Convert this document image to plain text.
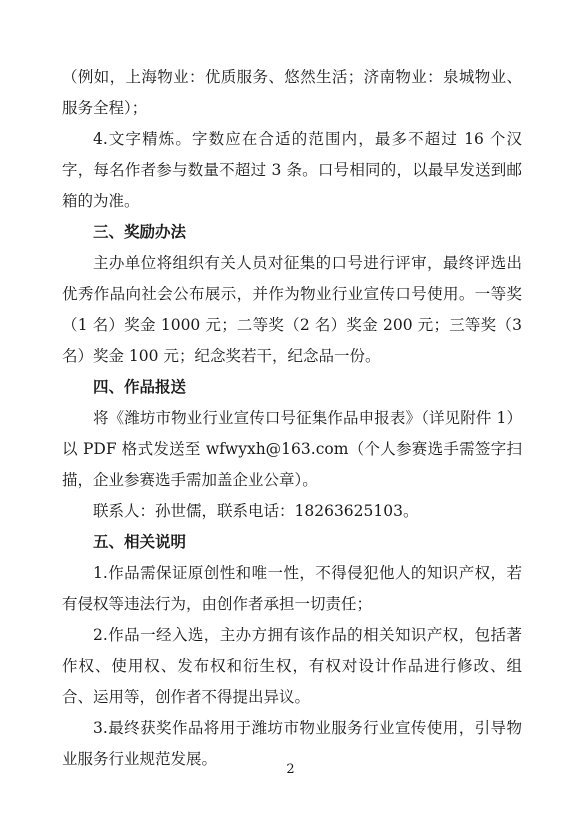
（例如，上海物业：优质服务、悠然生活；济南物业：泉城物业、服务全程）；

4.文字精炼。字数应在合适的范围内，最多不超过 16 个汉字，每名作者参与数量不超过 3 条。口号相同的，以最早发送到邮箱的为准。

三、奖励办法

主办单位将组织有关人员对征集的口号进行评审，最终评选出优秀作品向社会公布展示，并作为物业行业宣传口号使用。一等奖（1 名）奖金 1000 元；二等奖（2 名）奖金 200 元；三等奖（3 名）奖金 100 元；纪念奖若干，纪念品一份。

四、作品报送

将《潍坊市物业行业宣传口号征集作品申报表》（详见附件 1）以 PDF 格式发送至 wfwyxh@163.com（个人参赛选手需签字扫描，企业参赛选手需加盖企业公章）。

联系人：孙世儒，联系电话：18263625103。

五、相关说明

1.作品需保证原创性和唯一性，不得侵犯他人的知识产权，若有侵权等违法行为，由创作者承担一切责任；

2.作品一经入选，主办方拥有该作品的相关知识产权，包括著作权、使用权、发布权和衍生权，有权对设计作品进行修改、组合、运用等，创作者不得提出异议。

3.最终获奖作品将用于潍坊市物业服务行业宣传使用，引导物业服务行业规范发展。

2
